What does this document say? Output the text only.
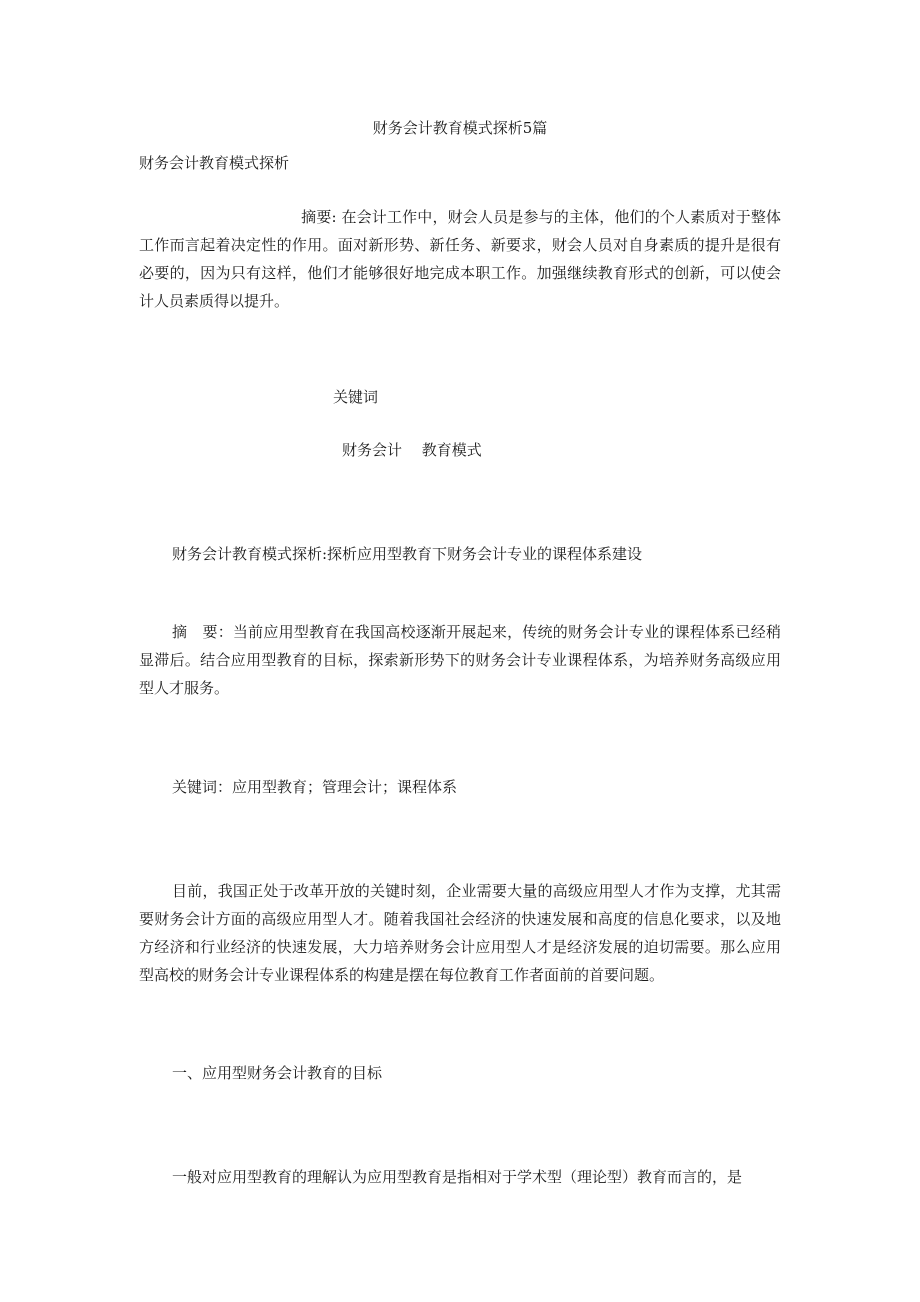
财务会计教育模式探析5篇
财务会计教育模式探析
摘要: 在会计工作中，财会人员是参与的主体，他们的个人素质对于整体工作而言起着决定性的作用。面对新形势、新任务、新要求，财会人员对自身素质的提升是很有必要的，因为只有这样，他们才能够很好地完成本职工作。加强继续教育形式的创新，可以使会计人员素质得以提升。
关键词
财务会计　 教育模式
财务会计教育模式探析:探析应用型教育下财务会计专业的课程体系建设
摘　要：当前应用型教育在我国高校逐渐开展起来，传统的财务会计专业的课程体系已经稍显滞后。结合应用型教育的目标，探索新形势下的财务会计专业课程体系，为培养财务高级应用型人才服务。
关键词：应用型教育；管理会计；课程体系
目前，我国正处于改革开放的关键时刻，企业需要大量的高级应用型人才作为支撑，尤其需要财务会计方面的高级应用型人才。随着我国社会经济的快速发展和高度的信息化要求，以及地方经济和行业经济的快速发展，大力培养财务会计应用型人才是经济发展的迫切需要。那么应用型高校的财务会计专业课程体系的构建是摆在每位教育工作者面前的首要问题。
一、应用型财务会计教育的目标
一般对应用型教育的理解认为应用型教育是指相对于学术型（理论型）教育而言的，是
